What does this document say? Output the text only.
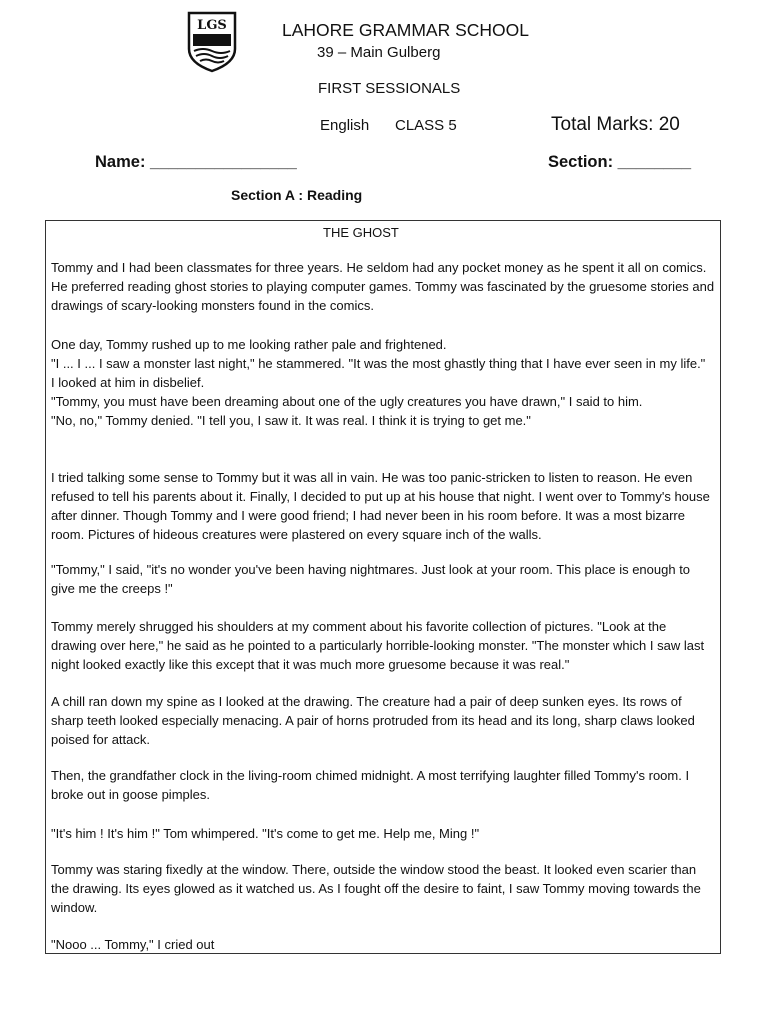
LGS	LAHORE GRAMMAR SCHOOL
39 – Main Gulberg
FIRST SESSIONALS
English CLASS 5	Total Marks: 20
Name: ________________	Section: ________
Section A : Reading
THE GHOST

Tommy and I had been classmates for three years. He seldom had any pocket money as he spent it all on comics. He preferred reading ghost stories to playing computer games. Tommy was fascinated by the gruesome stories and drawings of scary-looking monsters found in the comics.

One day, Tommy rushed up to me looking rather pale and frightened.
"I ... I ... I saw a monster last night," he stammered. "It was the most ghastly thing that I have ever seen in my life."
I looked at him in disbelief.
"Tommy, you must have been dreaming about one of the ugly creatures you have drawn," I said to him.
"No, no," Tommy denied. "I tell you, I saw it. It was real. I think it is trying to get me."

I tried talking some sense to Tommy but it was all in vain. He was too panic-stricken to listen to reason. He even refused to tell his parents about it. Finally, I decided to put up at his house that night. I went over to Tommy's house after dinner. Though Tommy and I were good friend; I had never been in his room before. It was a most bizarre room. Pictures of hideous creatures were plastered on every square inch of the walls.

"Tommy," I said, "it's no wonder you've been having nightmares. Just look at your room. This place is enough to give me the creeps !"

Tommy merely shrugged his shoulders at my comment about his favorite collection of pictures. "Look at the drawing over here," he said as he pointed to a particularly horrible-looking monster. "The monster which I saw last night looked exactly like this except that it was much more gruesome because it was real."

A chill ran down my spine as I looked at the drawing. The creature had a pair of deep sunken eyes. Its rows of sharp teeth looked especially menacing. A pair of horns protruded from its head and its long, sharp claws looked poised for attack.

Then, the grandfather clock in the living-room chimed midnight. A most terrifying laughter filled Tommy's room. I broke out in goose pimples.

"It's him ! It's him !" Tom whimpered. "It's come to get me. Help me, Ming !"

Tommy was staring fixedly at the window. There, outside the window stood the beast. It looked even scarier than the drawing. Its eyes glowed as it watched us. As I fought off the desire to faint, I saw Tommy moving towards the window.

"Nooo ... Tommy," I cried out
